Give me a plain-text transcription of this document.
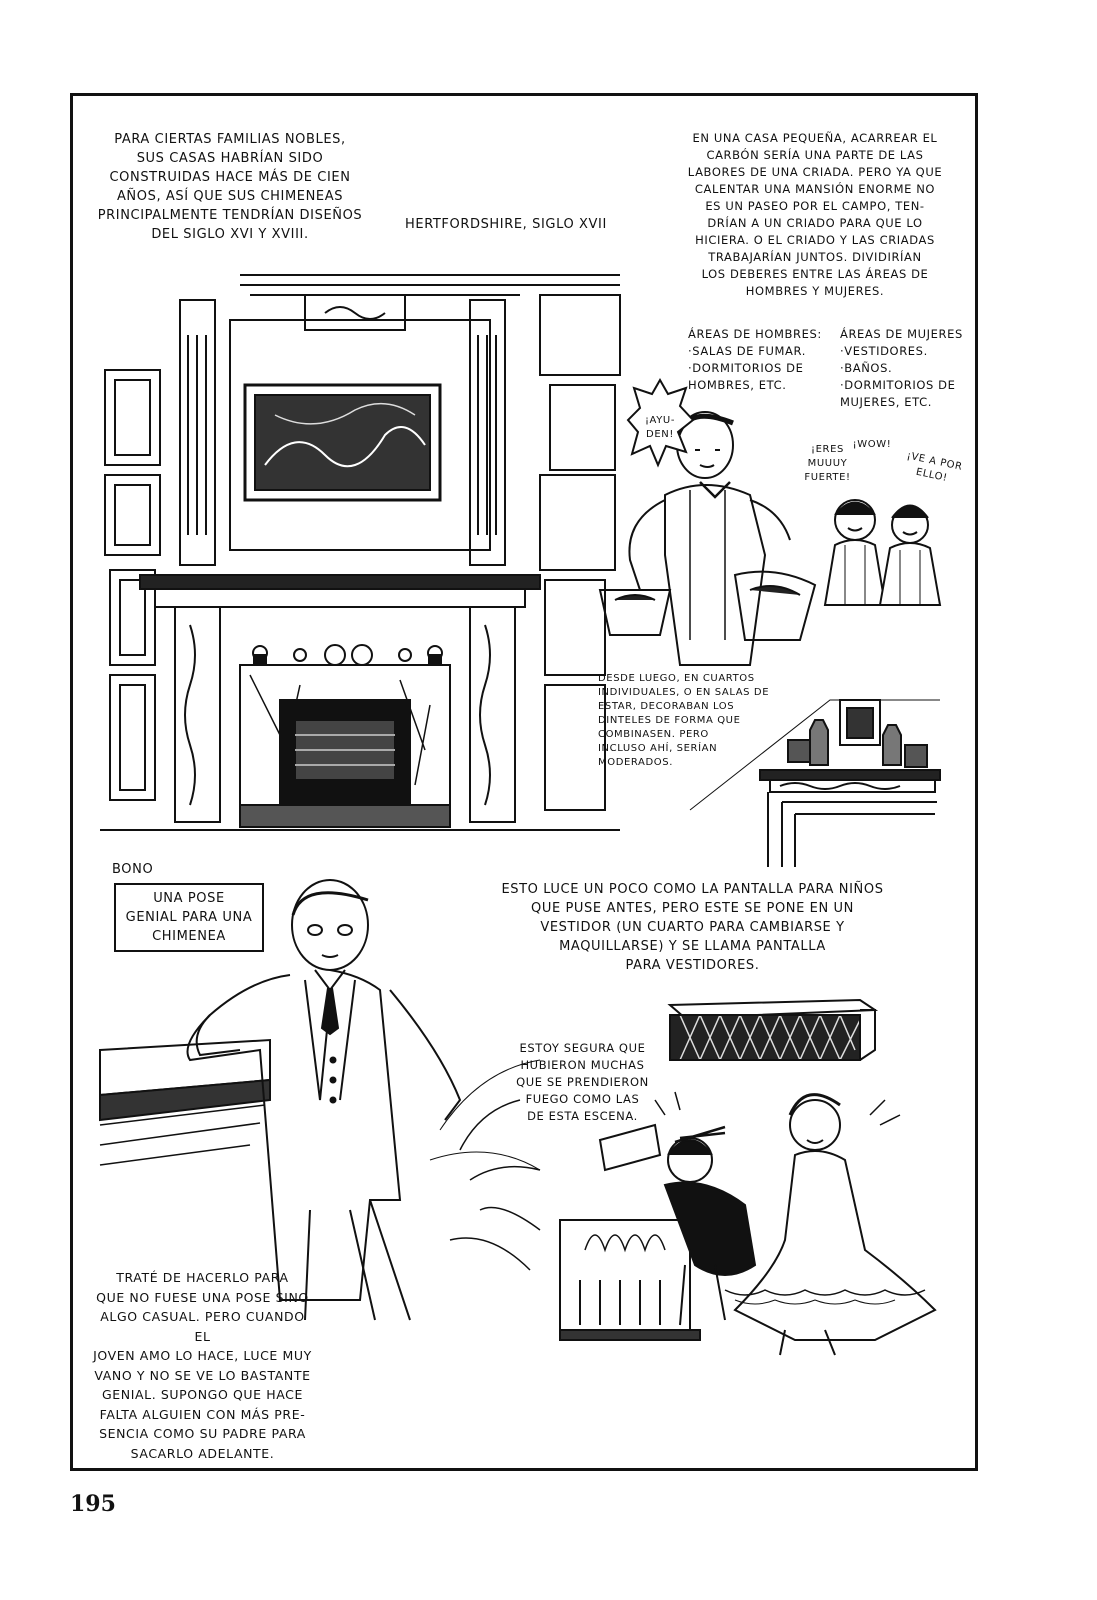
PARA CIERTAS FAMILIAS NOBLES,
SUS CASAS HABRÍAN SIDO
CONSTRUIDAS HACE MÁS DE CIEN
AÑOS, ASÍ QUE SUS CHIMENEAS
PRINCIPALMENTE TENDRÍAN DISEÑOS
DEL SIGLO XVI Y XVIII.
HERTFORDSHIRE, SIGLO XVII
EN UNA CASA PEQUEÑA, ACARREAR EL
CARBÓN SERÍA UNA PARTE DE LAS
LABORES DE UNA CRIADA. PERO YA QUE
CALENTAR UNA MANSIÓN ENORME NO
ES UN PASEO POR EL CAMPO, TEN-
DRÍAN A UN CRIADO PARA QUE LO
HICIERA. O EL CRIADO Y LAS CRIADAS
TRABAJARÍAN JUNTOS. DIVIDIRÍAN
LOS DEBERES ENTRE LAS ÁREAS DE
HOMBRES Y MUJERES.
ÁREAS DE HOMBRES:
·SALAS DE FUMAR.
·DORMITORIOS DE
HOMBRES, ETC.
ÁREAS DE MUJERES
·VESTIDORES.
·BAÑOS.
·DORMITORIOS DE
MUJERES, ETC.
¡AYU-
DEN!
¡ERES
MUUUY
FUERTE!
¡WOW!
¡VE A POR
ELLO!
DESDE LUEGO, EN CUARTOS
INDIVIDUALES, O EN SALAS DE
ESTAR, DECORABAN LOS
DINTELES DE FORMA QUE
COMBINASEN. PERO
INCLUSO AHÍ, SERÍAN
MODERADOS.
BONO
UNA POSE
GENIAL PARA UNA
CHIMENEA
ESTO LUCE UN POCO COMO LA PANTALLA PARA NIÑOS
QUE PUSE ANTES, PERO ESTE SE PONE EN UN
VESTIDOR (UN CUARTO PARA CAMBIARSE Y
MAQUILLARSE) Y SE LLAMA PANTALLA
PARA VESTIDORES.
ESTOY SEGURA QUE
HUBIERON MUCHAS
QUE SE PRENDIERON
FUEGO COMO LAS
DE ESTA ESCENA.
TRATÉ DE HACERLO PARA
QUE NO FUESE UNA POSE SINO
ALGO CASUAL. PERO CUANDO EL
JOVEN AMO LO HACE, LUCE MUY
VANO Y NO SE VE LO BASTANTE
GENIAL. SUPONGO QUE HACE
FALTA ALGUIEN CON MÁS PRE-
SENCIA COMO SU PADRE PARA
SACARLO ADELANTE.
195
